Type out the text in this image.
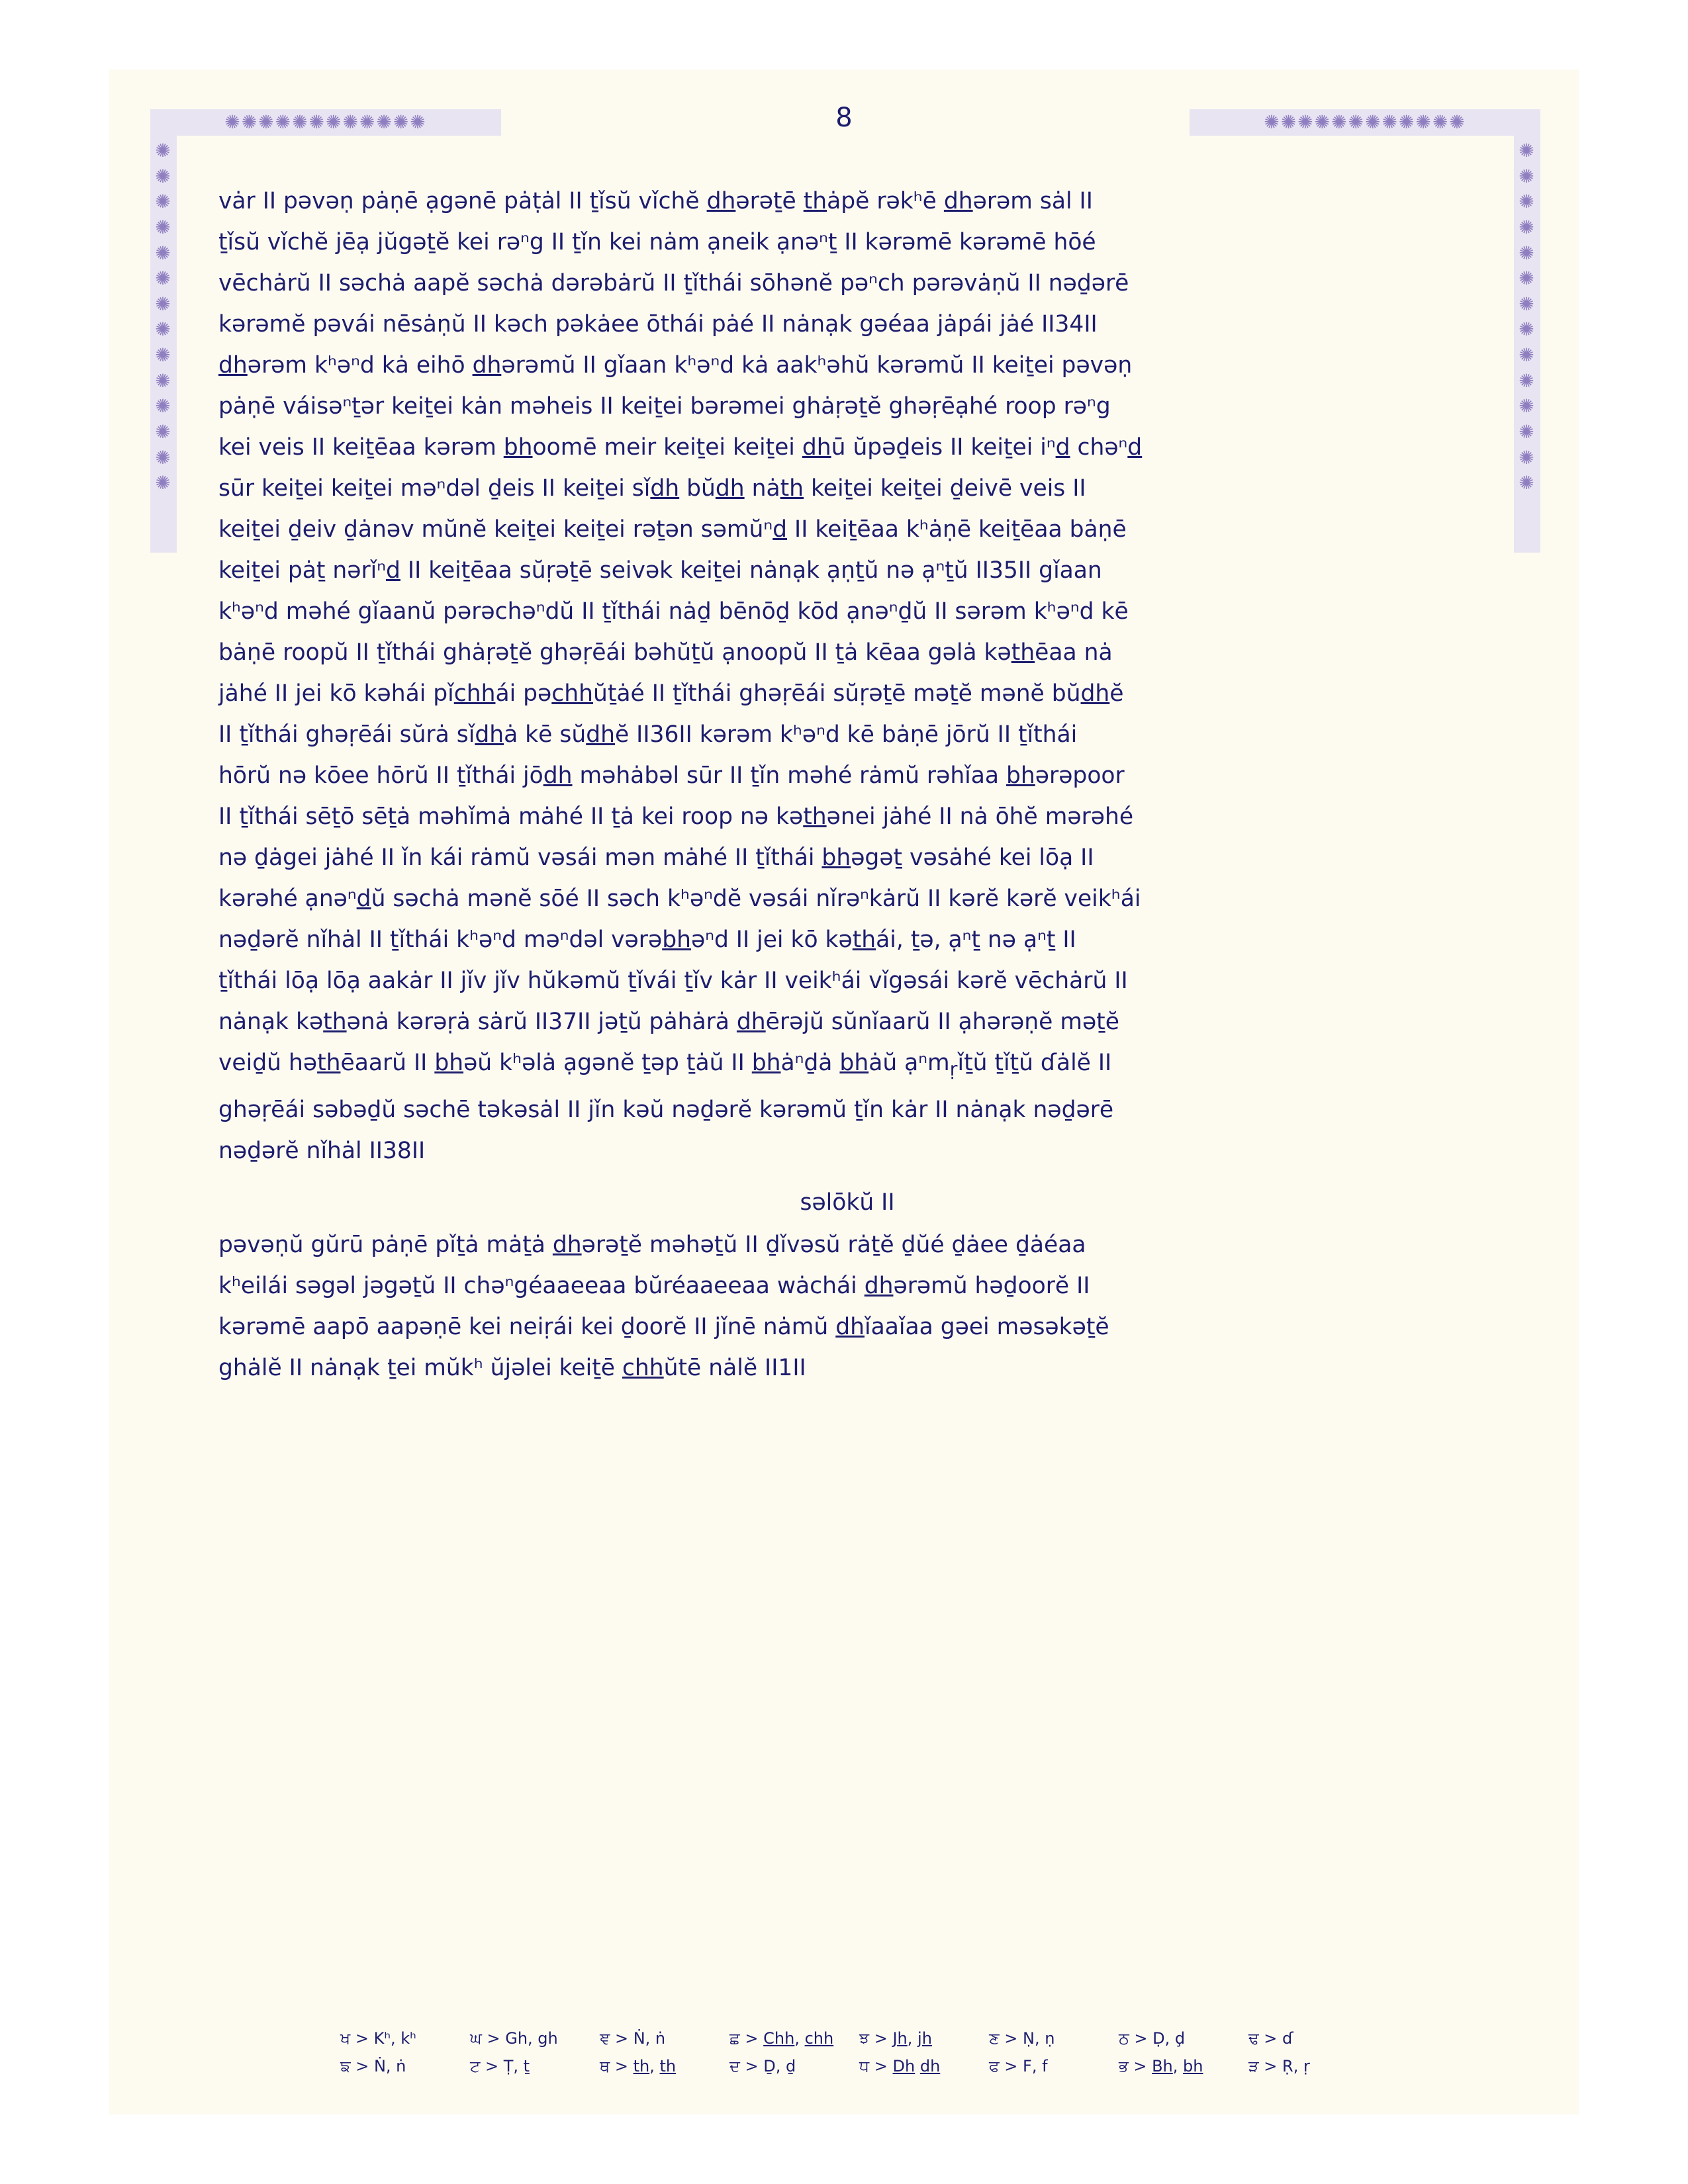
8
✺✺✺✺✺✺✺✺✺✺✺✺	✺✺✺✺✺✺✺✺✺✺✺✺
✺✺✺✺✺✺✺✺✺✺✺✺✺✺
✺✺✺✺✺✺✺✺✺✺✺✺✺✺

vȧr II pəvəṇ pȧṇē ạgənē pȧṭȧl II ṯǐsŭ vǐchĕ dhərəṯē thȧpĕ rəkʰē dhərəm sȧl II

ṯǐsŭ vǐchĕ jēạ jŭgəṯĕ kei rəⁿg II ṯǐn kei nȧm ạneik ạnəⁿṯ II kərəmē kərəmē hōé

vēchȧrŭ II səchȧ aapĕ səchȧ dərəbȧrŭ II ṯǐthái sōhənĕ pəⁿch pərəvȧṇŭ II nəḏərē

kərəmĕ pəvái nēsȧṇŭ II kəch pəkȧee ōthái pȧé II nȧnạk gəéaa jȧpái jȧé II34II

dhərəm kʰəⁿd kȧ eihō dhərəmŭ II gǐaan kʰəⁿd kȧ aakʰəhŭ kərəmŭ II keiṯei pəvəṇ

pȧṇē váisəⁿṯər keiṯei kȧn məheis II keiṯei bərəmei ghȧṛəṯĕ ghəṛēạhé roop rəⁿg

kei veis II keiṯēaa kərəm bhoomē meir keiṯei keiṯei dhū ŭpəḏeis II keiṯei iⁿd chəⁿd

sūr keiṯei keiṯei məⁿdəl ḏeis II keiṯei sǐdh bŭdh nȧth keiṯei keiṯei ḏeivē veis II

keiṯei ḏeiv ḏȧnəv mŭnĕ keiṯei keiṯei rəṯən səmŭⁿd II keiṯēaa kʰȧṇē keiṯēaa bȧṇē

keiṯei pȧṯ nərǐⁿd II keiṯēaa sŭṛəṯē seivək keiṯei nȧnạk ạṇṯŭ nə ạⁿṯŭ II35II gǐaan

kʰəⁿd məhé gǐaanŭ pərəchəⁿdŭ II ṯǐthái nȧḏ bēnōḏ kōd ạnəⁿḏŭ II sərəm kʰəⁿd kē

bȧṇē roopŭ II ṯǐthái ghȧṛəṯĕ ghəṛēái bəhŭṯŭ ạnoopŭ II ṯȧ kēaa gəlȧ kəthēaa nȧ

jȧhé II jei kō kəhái pǐchhái pəchhŭṯȧé II ṯǐthái ghəṛēái sŭṛəṯē məṯĕ mənĕ bŭdhĕ

II ṯǐthái ghəṛēái sŭrȧ sǐdhȧ kē sŭdhĕ II36II kərəm kʰəⁿd kē bȧṇē jōrŭ II ṯǐthái

hōrŭ nə kōee hōrŭ II ṯǐthái jōdh məhȧbəl sūr II ṯǐn məhé rȧmŭ rəhǐaa bhərəpoor

II ṯǐthái sēṯō sēṯȧ məhǐmȧ mȧhé II ṯȧ kei roop nə kəthənei jȧhé II nȧ ōhĕ mərəhé

nə ḏȧgei jȧhé II ǐn kái rȧmŭ vəsái mən mȧhé II ṯǐthái bhəgəṯ vəsȧhé kei lōạ II

kərəhé ạnəⁿdŭ səchȧ mənĕ sōé II səch kʰəⁿdĕ vəsái nǐrəⁿkȧrŭ II kərĕ kərĕ veikʰái

nəḏərĕ nǐhȧl II ṯǐthái kʰəⁿd məⁿdəl vərəbhəⁿd II jei kō kəthái, ṯə, ạⁿṯ nə ạⁿṯ II

ṯǐthái lōạ lōạ aakȧr II jǐv jǐv hŭkəmŭ ṯǐvái ṯǐv kȧr II veikʰái vǐgəsái kərĕ vēchȧrŭ II

nȧnạk kəthənȧ kərəṛȧ sȧrŭ II37II jəṯŭ pȧhȧrȧ dhērəjŭ sŭnǐaarŭ II ạhərəṇĕ məṯĕ

veiḏŭ həthēaarŭ II bhəŭ kʰəlȧ ạgənĕ ṯəp ṯȧŭ II bhȧⁿḏȧ bhȧŭ ạⁿm$_ṛ$ǐṯŭ ṯǐṯŭ ɗȧlĕ II

ghəṛēái səbəḏŭ səchē təkəsȧl II jǐn kəŭ nəḏərĕ kərəmŭ ṯǐn kȧr II nȧnạk nəḏərē

nəḏərĕ nǐhȧl II38II

səlōkŭ II

pəvəṇŭ gŭrū pȧṇē pǐṯȧ mȧṯȧ dhərəṯĕ məhəṯŭ II ḏǐvəsŭ rȧṯĕ ḏŭé ḏȧee ḏȧéaa

kʰeilái səgəl jəgəṯŭ II chəⁿgéaaeeaa bŭréaaeeaa wȧchái dhərəmŭ həḏoorĕ II

kərəmē aapō aapəṇē kei neiṛái kei ḏoorĕ II jǐnē nȧmŭ dhǐaaǐaa gəei məsəkəṯĕ

ghȧlĕ II nȧnạk ṯei mŭkʰ ŭjəlei keiṯē chhŭtē nȧlĕ II1II

ਖ > Kʰ, kʰ	ਘ > Gh, gh	ਞ > Ṅ, ṅ	ਛ > Chh, chh	ਝ > Jh, jh	ਣ > Ṇ, ṇ	ਠ > Ḍ, ḑ	ਢ > ɗ
ਙ > Ṅ, ṅ	ਟ > Ṭ, ṯ	ਥ > th, th	ਦ > Ḏ, ḏ	ਧ > Dh dh	ਫ > F, f	ਭ > Bh, bh	ੜ > Ṛ, ṛ
